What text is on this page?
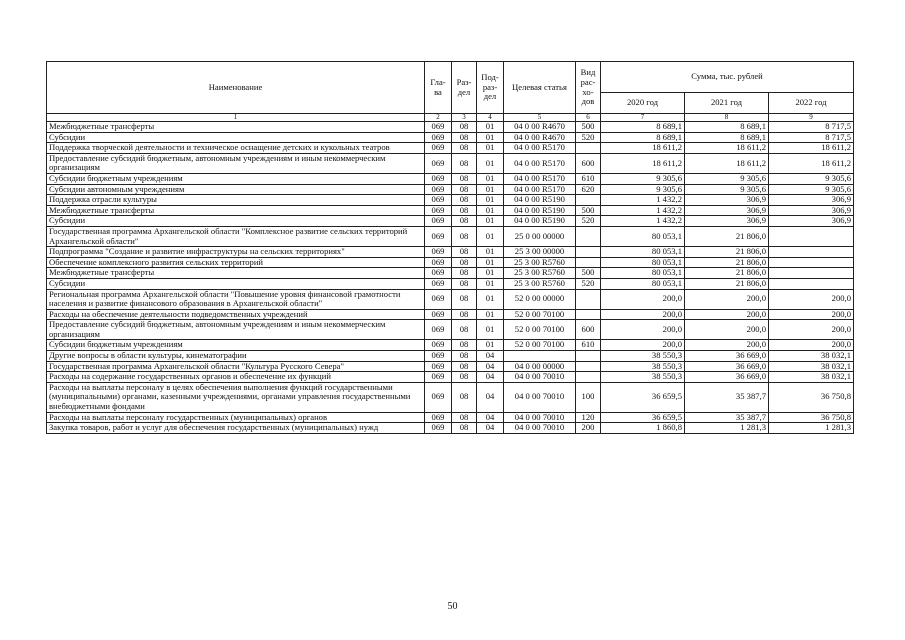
Наименование	Гла-ва	Раз-дел	Под-раз-дел	Целевая статья	Вид рас-хо-дов	Сумма, тыс. рублей		
						2020 год	2021 год	2022 год
1	2	3	4	5	6	7	8	9
Межбюджетные трансферты	069	08	01	04 0 00 R4670	500	8 689,1	8 689,1	8 717,5
Субсидии	069	08	01	04 0 00 R4670	520	8 689,1	8 689,1	8 717,5
Поддержка творческой деятельности и техническое оснащение детских и кукольных театров	069	08	01	04 0 00 R5170		18 611,2	18 611,2	18 611,2
Предоставление субсидий бюджетным, автономным учреждениям и иным некоммерческим организациям	069	08	01	04 0 00 R5170	600	18 611,2	18 611,2	18 611,2
Субсидии бюджетным учреждениям	069	08	01	04 0 00 R5170	610	9 305,6	9 305,6	9 305,6
Субсидии автономным учреждениям	069	08	01	04 0 00 R5170	620	9 305,6	9 305,6	9 305,6
Поддержка отрасли культуры	069	08	01	04 0 00 R5190		1 432,2	306,9	306,9
Межбюджетные трансферты	069	08	01	04 0 00 R5190	500	1 432,2	306,9	306,9
Субсидии	069	08	01	04 0 00 R5190	520	1 432,2	306,9	306,9
Государственная программа Архангельской области "Комплексное развитие сельских территорий Архангельской области"	069	08	01	25 0 00 00000		80 053,1	21 806,0	
Подпрограмма "Создание и развитие инфраструктуры на сельских территориях"	069	08	01	25 3 00 00000		80 053,1	21 806,0	
Обеспечение комплексного развития сельских территорий	069	08	01	25 3 00 R5760		80 053,1	21 806,0	
Межбюджетные трансферты	069	08	01	25 3 00 R5760	500	80 053,1	21 806,0	
Субсидии	069	08	01	25 3 00 R5760	520	80 053,1	21 806,0	
Региональная программа Архангельской области "Повышение уровня финансовой грамотности населения и развитие финансового образования в Архангельской области"	069	08	01	52 0 00 00000		200,0	200,0	200,0
Расходы на обеспечение деятельности подведомственных учреждений	069	08	01	52 0 00 70100		200,0	200,0	200,0
Предоставление субсидий бюджетным, автономным учреждениям и иным некоммерческим организациям	069	08	01	52 0 00 70100	600	200,0	200,0	200,0
Субсидии бюджетным учреждениям	069	08	01	52 0 00 70100	610	200,0	200,0	200,0
Другие вопросы в области культуры, кинематографии	069	08	04			38 550,3	36 669,0	38 032,1
Государственная программа Архангельской области "Культура Русского Севера"	069	08	04	04 0 00 00000		38 550,3	36 669,0	38 032,1
Расходы на содержание государственных органов и обеспечение их функций	069	08	04	04 0 00 70010		38 550,3	36 669,0	38 032,1
Расходы на выплаты персоналу в целях обеспечения выполнения функций государственными (муниципальными) органами, казенными учреждениями, органами управления государственными внебюджетными фондами	069	08	04	04 0 00 70010	100	36 659,5	35 387,7	36 750,8
Расходы на выплаты персоналу государственных (муниципальных) органов	069	08	04	04 0 00 70010	120	36 659,5	35 387,7	36 750,8
Закупка товаров, работ и услуг для обеспечения государственных (муниципальных) нужд	069	08	04	04 0 00 70010	200	1 860,8	1 281,3	1 281,3
50
